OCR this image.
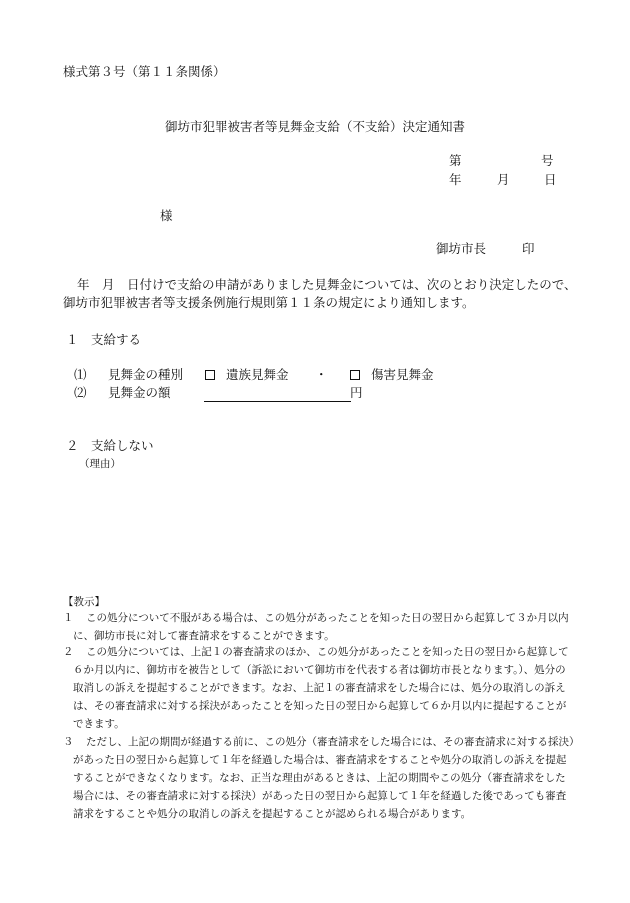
様式第３号（第１１条関係）
御坊市犯罪被害者等見舞金支給（不支給）決定通知書
第	号
年	月	日
様
御坊市長	印
年　月　日付けで支給の申請がありました見舞金については、次のとおり決定したので、
御坊市犯罪被害者等支援条例施行規則第１１条の規定により通知します。
１　支給する
⑴ 見舞金の種別	遺族見舞金 ・	傷害見舞金
⑵ 見舞金の額	円
２　支給しない
（理由）
【教示】
１ この処分について不服がある場合は、この処分があったことを知った日の翌日から起算して３か月以内
に、御坊市長に対して審査請求をすることができます。
２ この処分については、上記１の審査請求のほか、この処分があったことを知った日の翌日から起算して
６か月以内に、御坊市を被告として（訴訟において御坊市を代表する者は御坊市長となります。）、処分の
取消しの訴えを提起することができます。なお、上記１の審査請求をした場合には、処分の取消しの訴え
は、その審査請求に対する採決があったことを知った日の翌日から起算して６か月以内に提起することが
できます。
３ ただし、上記の期間が経過する前に、この処分（審査請求をした場合には、その審査請求に対する採決）
があった日の翌日から起算して１年を経過した場合は、審査請求をすることや処分の取消しの訴えを提起
することができなくなります。なお、正当な理由があるときは、上記の期間やこの処分（審査請求をした
場合には、その審査請求に対する採決）があった日の翌日から起算して１年を経過した後であっても審査
請求をすることや処分の取消しの訴えを提起することが認められる場合があります。
